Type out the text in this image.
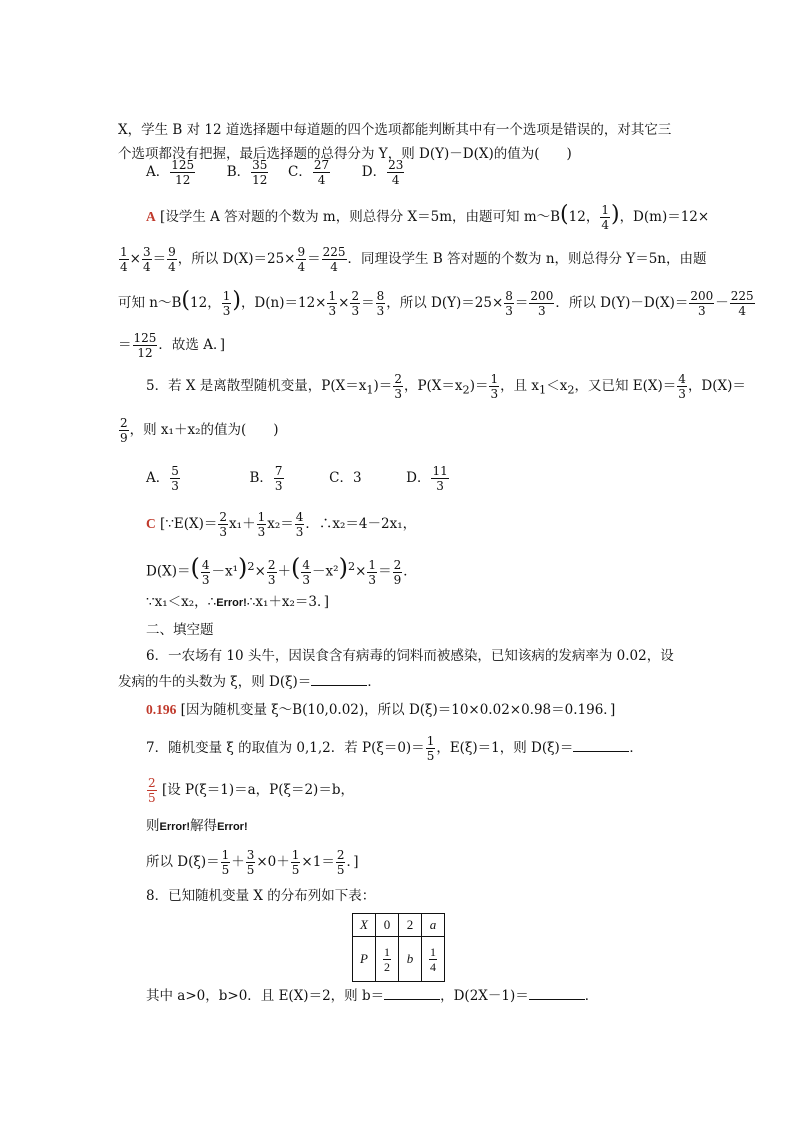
X，学生 B 对 12 道选择题中每道题的四个选项都能判断其中有一个选项是错误的，对其它三
个选项都没有把握，最后选择题的总得分为 Y，则 D(Y)－D(X)的值为(　　)
A． $\frac{125}{12}$ B． $\frac{35}{12}$ C． $\frac{27}{4}$ D． $\frac{23}{4}$
A [设学生 A 答对题的个数为 m，则总得分 X＝5m，由题可知 m～B(12， $\frac{1}{4}$ )，D(m)＝12×
$\frac{1}{4} \times \frac{3}{4} = \frac{9}{4}$ ，所以 $D(X)=25\times \frac{9}{4} = \frac{225}{4}$ ．同理设学生 B 答对题的个数为 n，则总得分 Y＝5n，由题
可知 n～B(12， $\frac{1}{3}$ )，$D(n)=12\times \frac{1}{3} \times \frac{2}{3} = \frac{8}{3}$ ，所以 $D(Y)=25\times \frac{8}{3} = \frac{200}{3}$ ．所以 $D(Y)-D(X)= \frac{200}{3} - \frac{225}{4}$
＝ $\frac{125}{12}$ ．故选 A．]
5．若 X 是离散型随机变量，$P(X=x_1)= \frac{2}{3}$ ，$P(X=x_2)= \frac{1}{3}$ ，且 $x_1<x_2$，又已知 $E(X)= \frac{4}{3}$ ，D(X)＝
$\frac{2}{9}$ ，则 x₁＋x₂的值为(　　)
A． $\frac{5}{3}$	B． $\frac{7}{3}$	C．3	D． $\frac{11}{3}$
C [∵E(X)＝ $\frac{2}{3} x_1+ \frac{1}{3} x_2= \frac{4}{3}$ ．∴x₂＝4－2x₁，
$D(X)=( \frac{4}{3} -x^1)^2\times \frac{2}{3}$ ＋( $\frac{4}{3} -x^2)^2\times \frac{1}{3} = \frac{2}{9}$ ．
∵x₁＜x₂，∴Error!∴x₁＋x₂＝3．]
二、填空题
6．一农场有 10 头牛，因误食含有病毒的饲料而被感染，已知该病的发病率为 0.02，设
发病的牛的头数为 ξ，则 D(ξ)＝	．
0.196 [因为随机变量 ξ～B(10,0.02)，所以 D(ξ)＝10×0.02×0.98＝0.196．]
7．随机变量 ξ 的取值为 0,1,2．若 $P(\xi=0)= \frac{1}{5}$ ，E(ξ)＝1，则 D(ξ)＝	．
$\frac{2}{5}$ [设 P(ξ＝1)＝a，P(ξ＝2)＝b，
则Error!解得Error!
所以 $D(\xi)= \frac{1}{5} + \frac{3}{5} \times 0+ \frac{1}{5} \times 1= \frac{2}{5}$ ．]
8．已知随机变量 X 的分布列如下表：
X	0	2	a
P	$\frac{1}{2}$	b	$\frac{1}{4}$
其中 a>0，b>0．且 E(X)＝2，则 b＝	，D(2X－1)＝	．
